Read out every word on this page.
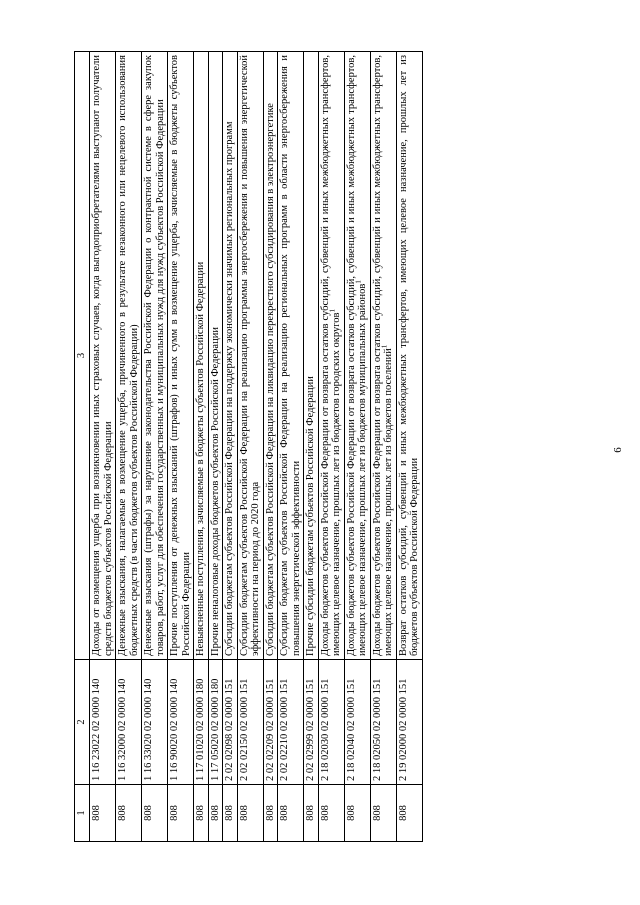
6
1	2	3
808	1 16 23022 02 0000 140	Доходы от возмещения ущерба при возникновении иных страховых случаев, когда выгодоприобретателями выступают получатели средств бюджетов субъектов Российской Федерации
808	1 16 32000 02 0000 140	Денежные взыскания, налагаемые в возмещение ущерба, причиненного в результате незаконного или нецелевого использования бюджетных средств (в части бюджетов субъектов Российской Федерации)
808	1 16 33020 02 0000 140	Денежные взыскания (штрафы) за нарушение законодательства Российской Федерации о контрактной системе в сфере закупок товаров, работ, услуг для обеспечения государственных и муниципальных нужд для нужд субъектов Российской Федерации
808	1 16 90020 02 0000 140	Прочие поступления от денежных взысканий (штрафов) и иных сумм в возмещение ущерба, зачисляемые в бюджеты субъектов Российской Федерации
808	1 17 01020 02 0000 180	Невыясненные поступления, зачисляемые в бюджеты субъектов Российской Федерации
808	1 17 05020 02 0000 180	Прочие неналоговые доходы бюджетов субъектов Российской Федерации
808	2 02 02098 02 0000 151	Субсидии бюджетам субъектов Российской Федерации на поддержку экономически значимых региональных программ
808	2 02 02150 02 0000 151	Субсидии бюджетам субъектов Российской Федерации на реализацию программы энергосбережения и повышения энергетической эффективности на период до 2020 года
808	2 02 02209 02 0000 151	Субсидии бюджетам субъектов Российской Федерации на ликвидацию перекрестного субсидирования в электроэнергетике
808	2 02 02210 02 0000 151	Субсидии бюджетам субъектов Российской Федерации на реализацию региональных программ в области энергосбережения и повышения энергетической эффективности
808	2 02 02999 02 0000 151	Прочие субсидии бюджетам субъектов Российской Федерации
808	2 18 02030 02 0000 151	Доходы бюджетов субъектов Российской Федерации от возврата остатков субсидий, субвенций и иных межбюджетных трансфертов, имеющих целевое назначение, прошлых лет из бюджетов городских округов$^1$
808	2 18 02040 02 0000 151	Доходы бюджетов субъектов Российской Федерации от возврата остатков субсидий, субвенций и иных межбюджетных трансфертов, имеющих целевое назначение, прошлых лет из бюджетов муниципальных районов$^1$
808	2 18 02050 02 0000 151	Доходы бюджетов субъектов Российской Федерации от возврата остатков субсидий, субвенций и иных межбюджетных трансфертов, имеющих целевое назначение, прошлых лет из бюджетов поселений$^1$
808	2 19 02000 02 0000 151	Возврат остатков субсидий, субвенций и иных межбюджетных трансфертов, имеющих целевое назначение, прошлых лет из бюджетов субъектов Российской Федерации
